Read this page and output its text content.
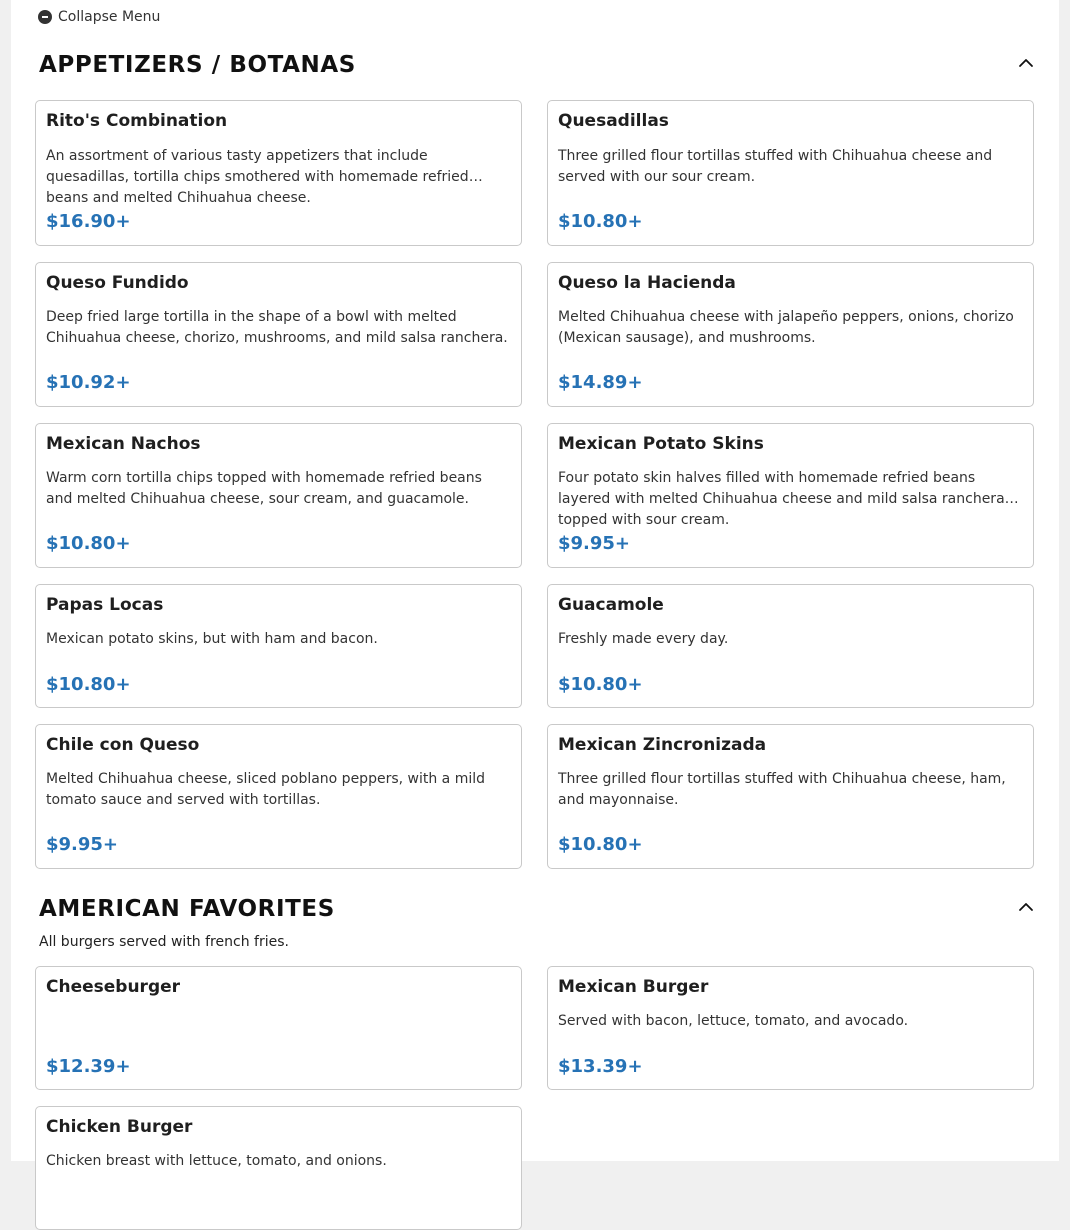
Collapse Menu
APPETIZERS / BOTANAS
Rito's Combination
An assortment of various tasty appetizers that include quesadillas, tortilla chips smothered with homemade refried beans and melted Chihuahua cheese.
$16.90+
Quesadillas
Three grilled flour tortillas stuffed with Chihuahua cheese and served with our sour cream.
$10.80+
Queso Fundido
Deep fried large tortilla in the shape of a bowl with melted Chihuahua cheese, chorizo, mushrooms, and mild salsa ranchera.
$10.92+
Queso la Hacienda
Melted Chihuahua cheese with jalapeño peppers, onions, chorizo (Mexican sausage), and mushrooms.
$14.89+
Mexican Nachos
Warm corn tortilla chips topped with homemade refried beans and melted Chihuahua cheese, sour cream, and guacamole.
$10.80+
Mexican Potato Skins
Four potato skin halves filled with homemade refried beans layered with melted Chihuahua cheese and mild salsa ranchera, topped with sour cream.
$9.95+
Papas Locas
Mexican potato skins, but with ham and bacon.
$10.80+
Guacamole
Freshly made every day.
$10.80+
Chile con Queso
Melted Chihuahua cheese, sliced poblano peppers, with a mild tomato sauce and served with tortillas.
$9.95+
Mexican Zincronizada
Three grilled flour tortillas stuffed with Chihuahua cheese, ham, and mayonnaise.
$10.80+
AMERICAN FAVORITES
All burgers served with french fries.
Cheeseburger
$12.39+
Mexican Burger
Served with bacon, lettuce, tomato, and avocado.
$13.39+
Chicken Burger
Chicken breast with lettuce, tomato, and onions.
